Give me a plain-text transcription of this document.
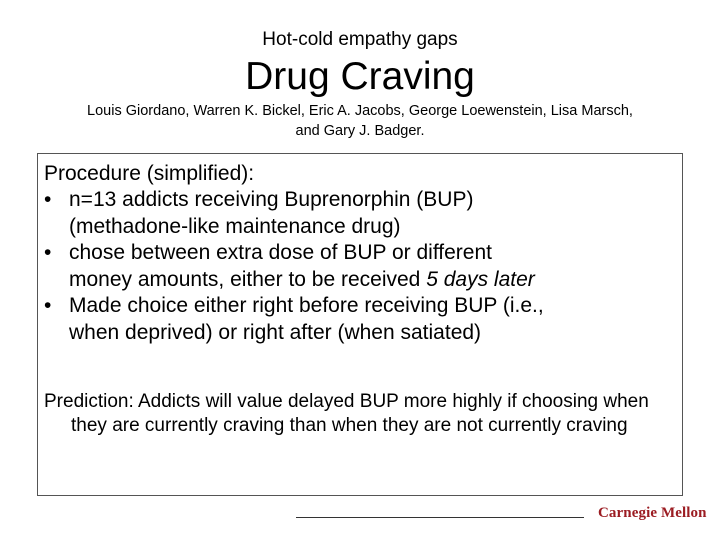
Hot-cold empathy gaps
Drug Craving
Louis Giordano, Warren K. Bickel, Eric A. Jacobs, George Loewenstein, Lisa Marsch,
and Gary J. Badger.
Procedure (simplified):
• n=13 addicts receiving Buprenorphin (BUP)
(methadone-like maintenance drug)
• chose between extra dose of BUP or different
money amounts, either to be received 5 days later
• Made choice either right before receiving BUP (i.e.,
when deprived) or right after (when satiated)
Prediction: Addicts will value delayed BUP more highly if choosing when they are currently craving than when they are not currently craving
Carnegie Mellon
